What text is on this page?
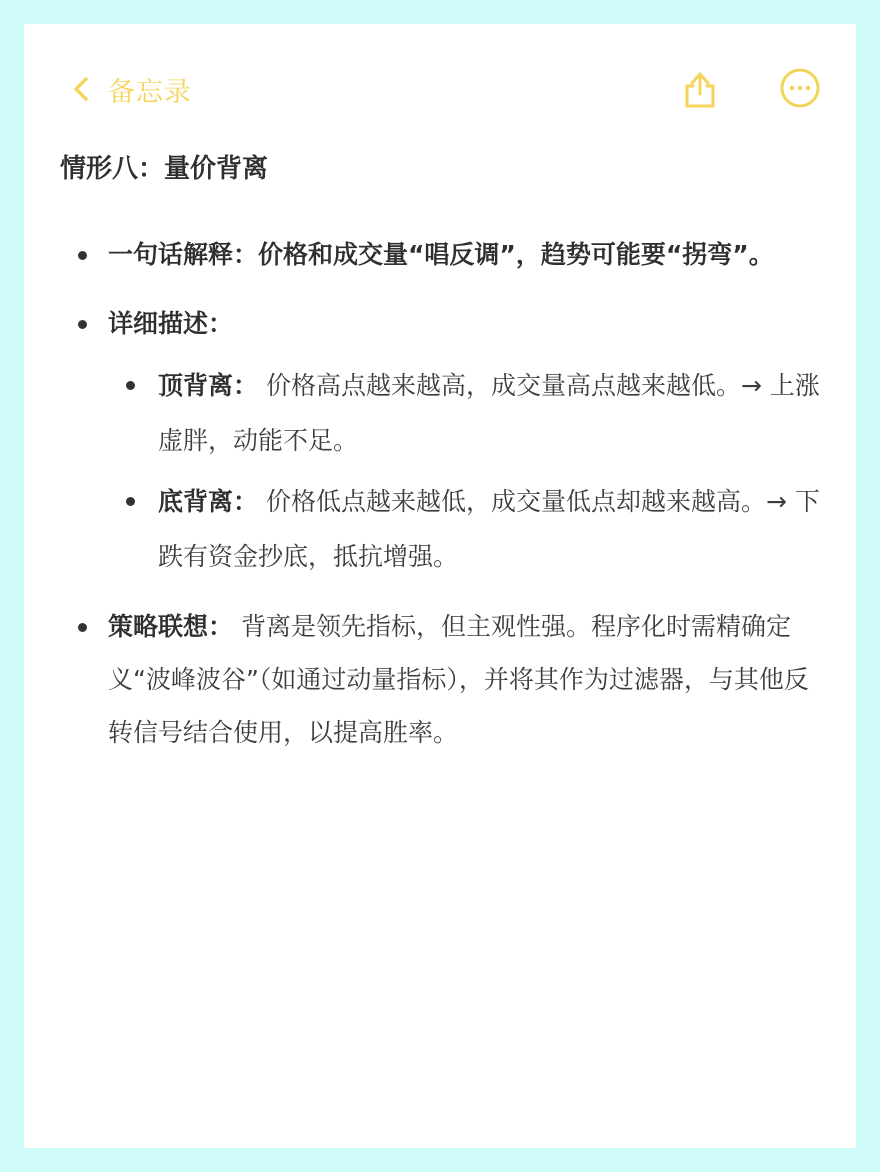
备忘录
情形八：量价背离
一句话解释：价格和成交量“唱反调”，趋势可能要“拐弯”。
详细描述：
顶背离： 价格高点越来越高，成交量高点越来越低。→ 上涨虚胖，动能不足。
底背离： 价格低点越来越低，成交量低点却越来越高。→ 下跌有资金抄底，抵抗增强。
策略联想： 背离是领先指标，但主观性强。程序化时需精确定义“波峰波谷”（如通过动量指标），并将其作为过滤器，与其他反转信号结合使用，以提高胜率。
